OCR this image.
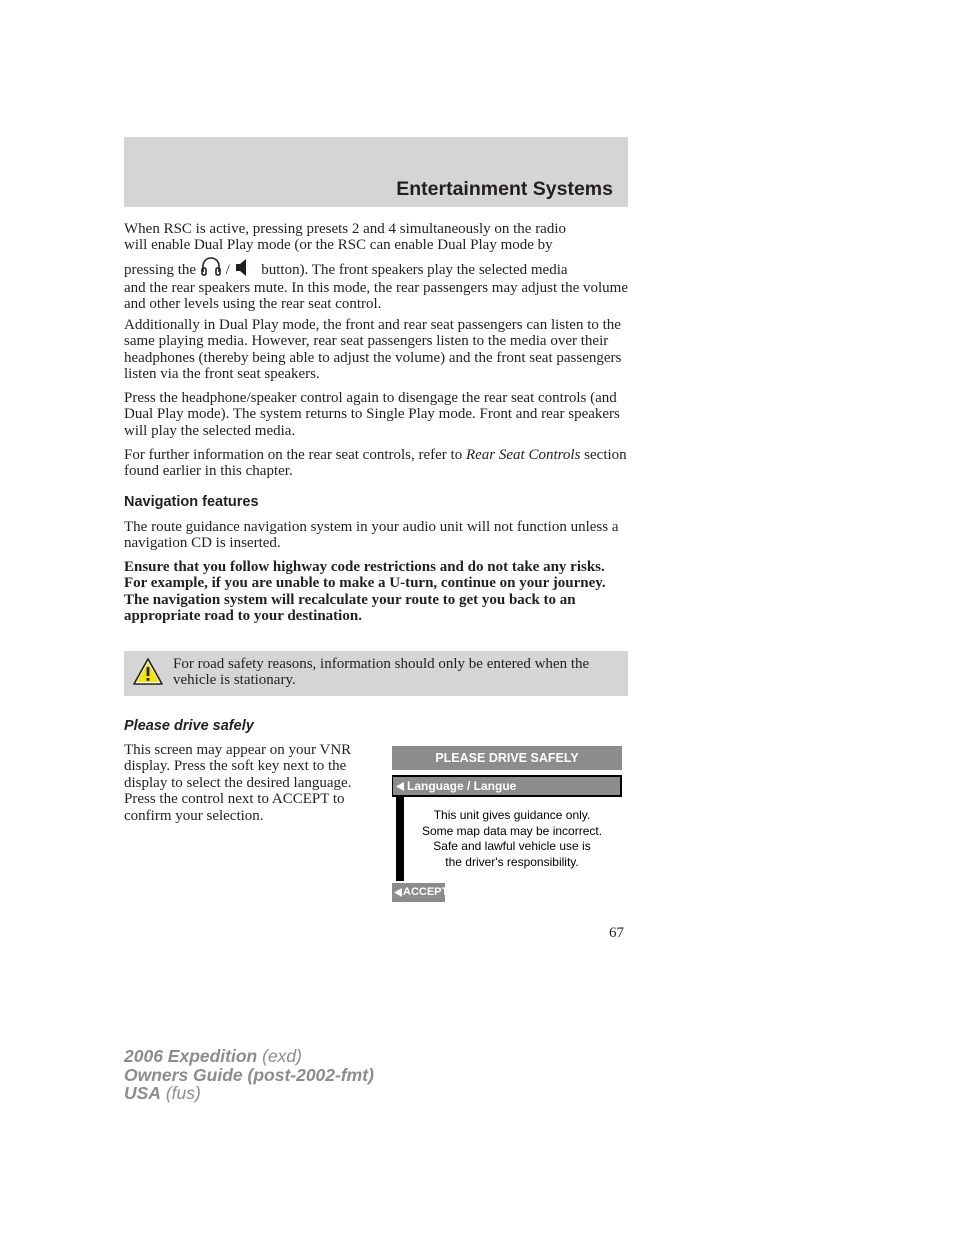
Entertainment Systems
When RSC is active, pressing presets 2 and 4 simultaneously on the radio
will enable Dual Play mode (or the RSC can enable Dual Play mode by
pressing the / button). The front speakers play the selected media
and the rear speakers mute. In this mode, the rear passengers may adjust the volume and other levels using the rear seat control.
Additionally in Dual Play mode, the front and rear seat passengers can listen to the same playing media. However, rear seat passengers listen to the media over their headphones (thereby being able to adjust the volume) and the front seat passengers listen via the front seat speakers.
Press the headphone/speaker control again to disengage the rear seat controls (and Dual Play mode). The system returns to Single Play mode. Front and rear speakers will play the selected media.
For further information on the rear seat controls, refer to Rear Seat Controls section found earlier in this chapter.
Navigation features
The route guidance navigation system in your audio unit will not function unless a navigation CD is inserted.
Ensure that you follow highway code restrictions and do not take any risks. For example, if you are unable to make a U-turn, continue on your journey. The navigation system will recalculate your route to get you back to an appropriate road to your destination.
For road safety reasons, information should only be entered when the vehicle is stationary.
Please drive safely
This screen may appear on your VNR display. Press the soft key next to the display to select the desired language. Press the control next to ACCEPT to confirm your selection.
PLEASE DRIVE SAFELY
Language / Langue
This unit gives guidance only.
Some map data may be incorrect.
Safe and lawful vehicle use is
the driver's responsibility.
ACCEPT
67
2006 Expedition (exd)
Owners Guide (post-2002-fmt)
USA (fus)
